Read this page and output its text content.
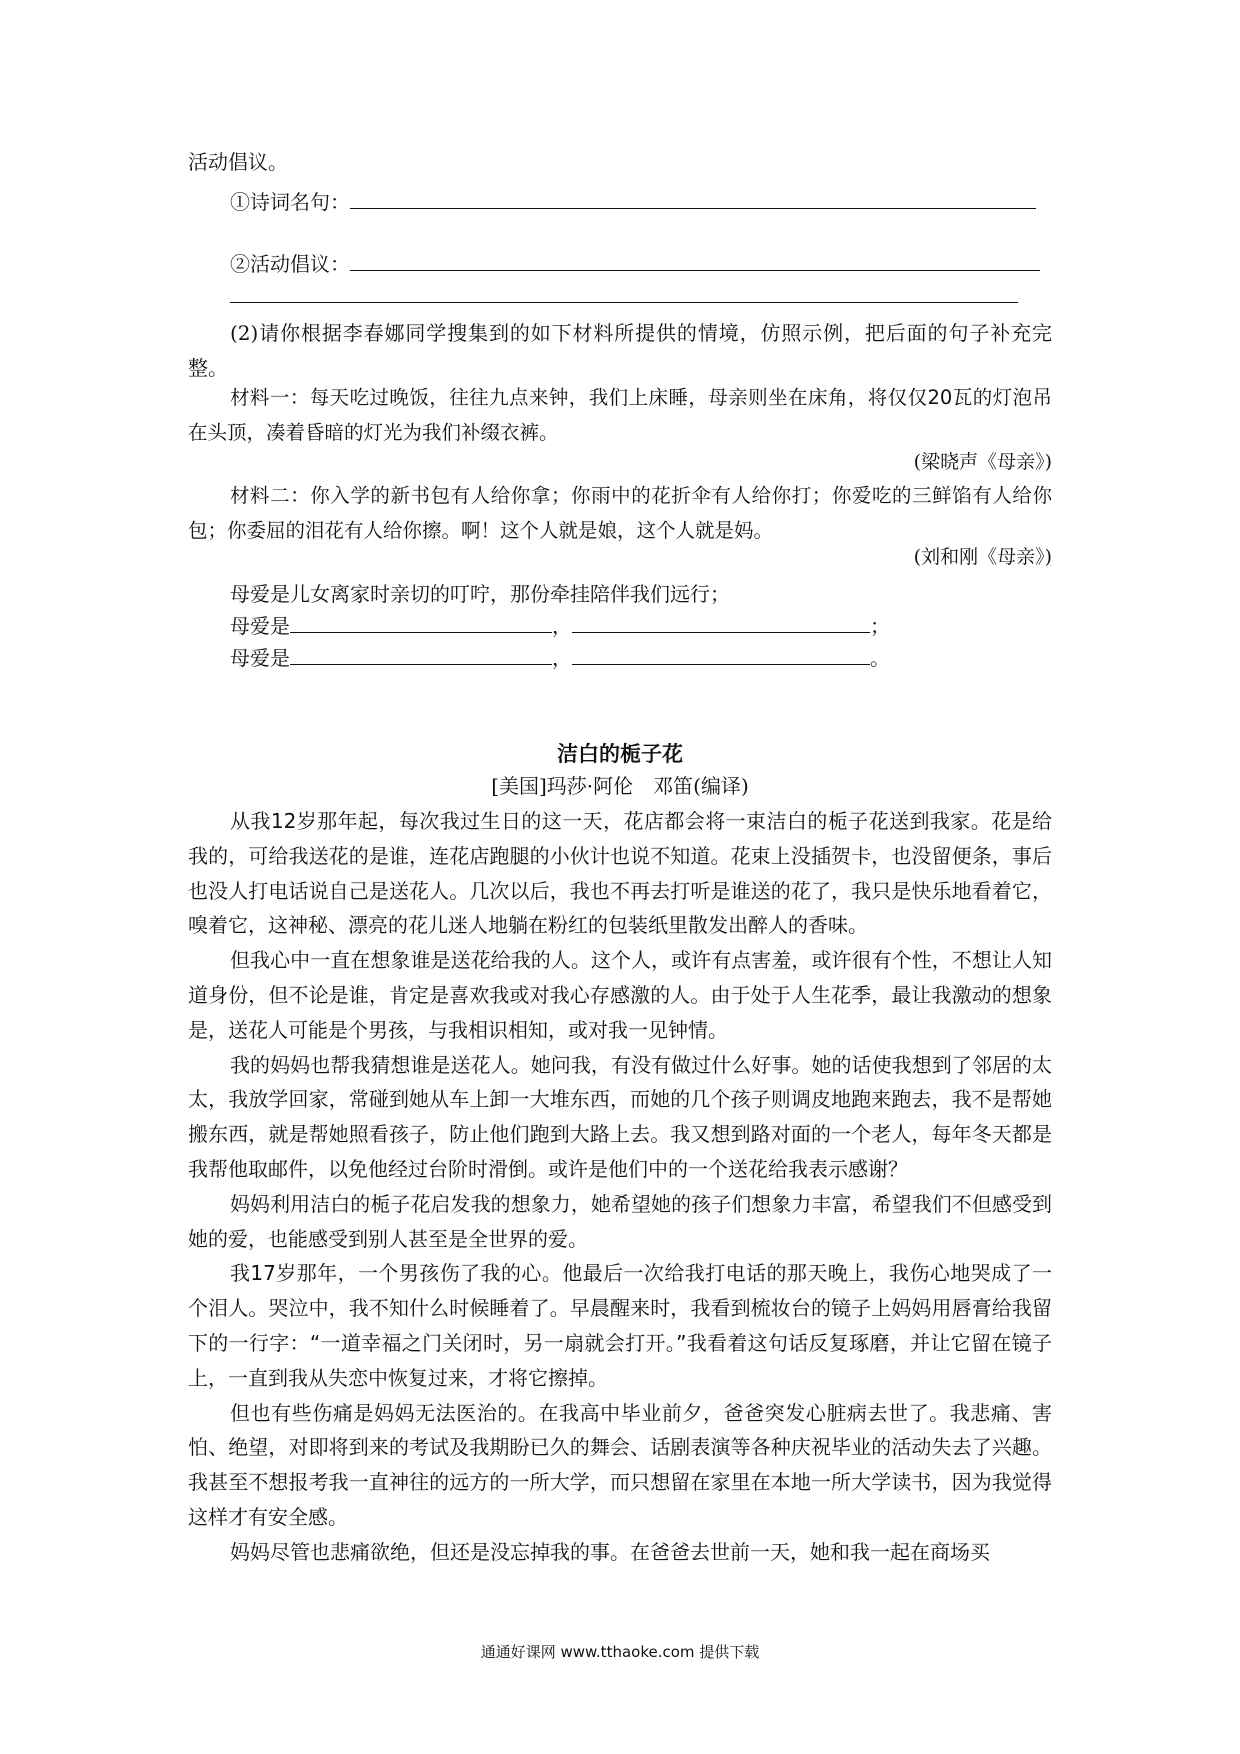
活动倡议。
①诗词名句：
②活动倡议：

(2)请你根据李春娜同学搜集到的如下材料所提供的情境，仿照示例，把后面的句子补充完整。

材料一：每天吃过晚饭，往往九点来钟，我们上床睡，母亲则坐在床角，将仅仅20瓦的灯泡吊在头顶，凑着昏暗的灯光为我们补缀衣裤。

(梁晓声《母亲》)

材料二：你入学的新书包有人给你拿；你雨中的花折伞有人给你打；你爱吃的三鲜馅有人给你包；你委屈的泪花有人给你擦。啊！这个人就是娘，这个人就是妈。

(刘和刚《母亲》)
母爱是儿女离家时亲切的叮咛，那份牵挂陪伴我们远行；
母爱是	，	；
母爱是	，	。
洁白的栀子花
[美国]玛莎·阿伦　邓笛(编译)

从我12岁那年起，每次我过生日的这一天，花店都会将一束洁白的栀子花送到我家。花是给我的，可给我送花的是谁，连花店跑腿的小伙计也说不知道。花束上没插贺卡，也没留便条，事后也没人打电话说自己是送花人。几次以后，我也不再去打听是谁送的花了，我只是快乐地看着它，嗅着它，这神秘、漂亮的花儿迷人地躺在粉红的包装纸里散发出醉人的香味。

但我心中一直在想象谁是送花给我的人。这个人，或许有点害羞，或许很有个性，不想让人知道身份，但不论是谁，肯定是喜欢我或对我心存感激的人。由于处于人生花季，最让我激动的想象是，送花人可能是个男孩，与我相识相知，或对我一见钟情。

我的妈妈也帮我猜想谁是送花人。她问我，有没有做过什么好事。她的话使我想到了邻居的太太，我放学回家，常碰到她从车上卸一大堆东西，而她的几个孩子则调皮地跑来跑去，我不是帮她搬东西，就是帮她照看孩子，防止他们跑到大路上去。我又想到路对面的一个老人，每年冬天都是我帮他取邮件，以免他经过台阶时滑倒。或许是他们中的一个送花给我表示感谢？

妈妈利用洁白的栀子花启发我的想象力，她希望她的孩子们想象力丰富，希望我们不但感受到她的爱，也能感受到别人甚至是全世界的爱。

我17岁那年，一个男孩伤了我的心。他最后一次给我打电话的那天晚上，我伤心地哭成了一个泪人。哭泣中，我不知什么时候睡着了。早晨醒来时，我看到梳妆台的镜子上妈妈用唇膏给我留下的一行字：“一道幸福之门关闭时，另一扇就会打开。”我看着这句话反复琢磨，并让它留在镜子上，一直到我从失恋中恢复过来，才将它擦掉。

但也有些伤痛是妈妈无法医治的。在我高中毕业前夕，爸爸突发心脏病去世了。我悲痛、害怕、绝望，对即将到来的考试及我期盼已久的舞会、话剧表演等各种庆祝毕业的活动失去了兴趣。我甚至不想报考我一直神往的远方的一所大学，而只想留在家里在本地一所大学读书，因为我觉得这样才有安全感。

妈妈尽管也悲痛欲绝，但还是没忘掉我的事。在爸爸去世前一天，她和我一起在商场买

通通好课网 www.tthaoke.com 提供下载
